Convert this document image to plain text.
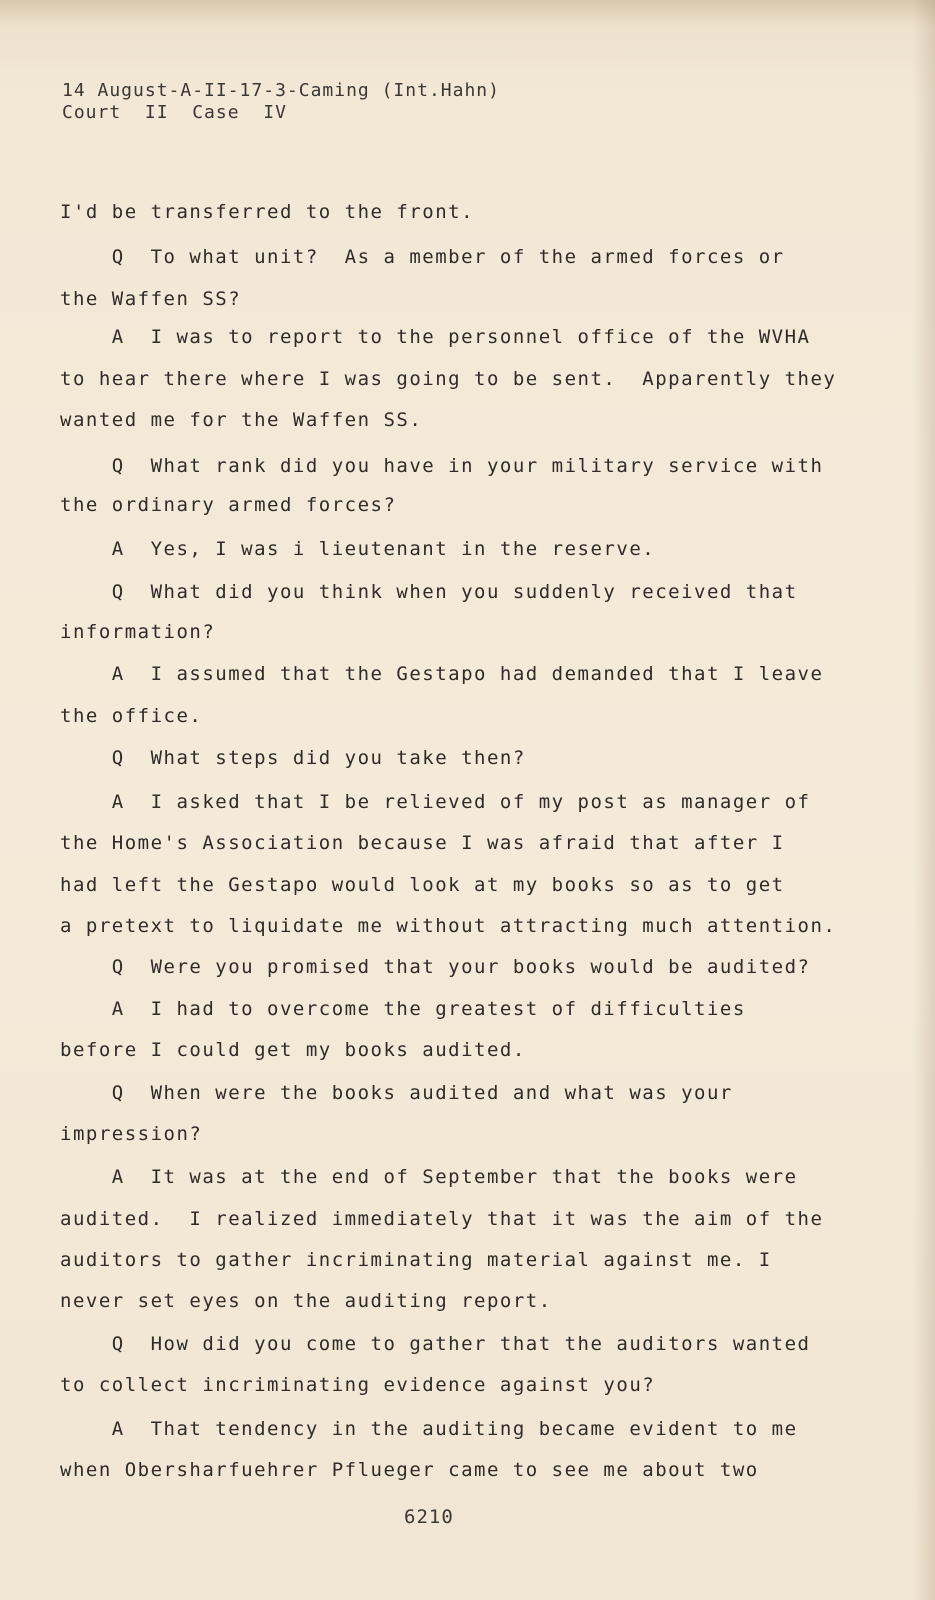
14 August-A-II-17-3-Caming (Int.Hahn)
Court  II  Case  IV
I'd be transferred to the front.
Q  To what unit?  As a member of the armed forces or
the Waffen SS?
A  I was to report to the personnel office of the WVHA
to hear there where I was going to be sent.  Apparently they
wanted me for the Waffen SS.
Q  What rank did you have in your military service with
the ordinary armed forces?
A  Yes, I was i lieutenant in the reserve.
Q  What did you think when you suddenly received that
information?
A  I assumed that the Gestapo had demanded that I leave
the office.
Q  What steps did you take then?
A  I asked that I be relieved of my post as manager of
the Home's Association because I was afraid that after I
had left the Gestapo would look at my books so as to get
a pretext to liquidate me without attracting much attention.
Q  Were you promised that your books would be audited?
A  I had to overcome the greatest of difficulties
before I could get my books audited.
Q  When were the books audited and what was your
impression?
A  It was at the end of September that the books were
audited.  I realized immediately that it was the aim of the
auditors to gather incriminating material against me. I
never set eyes on the auditing report.
Q  How did you come to gather that the auditors wanted
to collect incriminating evidence against you?
A  That tendency in the auditing became evident to me
when Obersharfuehrer Pflueger came to see me about two
6210
